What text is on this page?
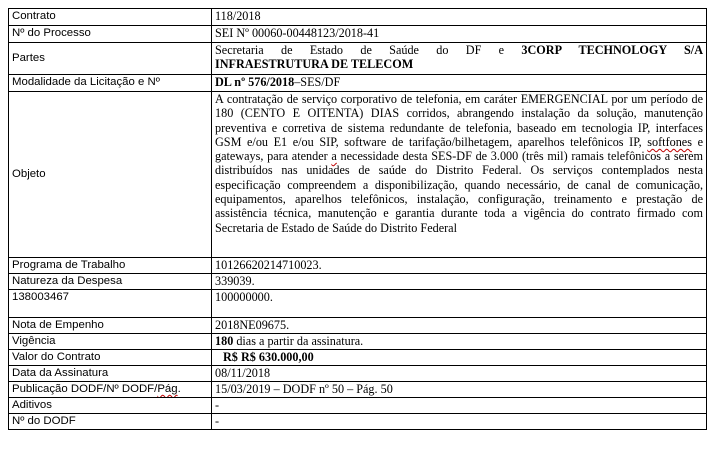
Contrato	118/2018
Nº do Processo	SEI Nº 00060-00448123/2018-41
Partes	Secretaria de Estado de Saúde do DF e 3CORP TECHNOLOGY S/A
INFRAESTRUTURA DE TELECOM
Modalidade da Licitação e Nº	DL nº 576/2018–SES/DF
Objeto	A contratação de serviço corporativo de telefonia, em caráter EMERGENCIAL por um período de 180 (CENTO E OITENTA) DIAS corridos, abrangendo instalação da solução, manutenção preventiva e corretiva de sistema redundante de telefonia, baseado em tecnologia IP, interfaces GSM e/ou E1 e/ou SIP, software de tarifação/bilhetagem, aparelhos telefônicos IP, softfones e gateways, para atender a necessidade desta SES-DF de 3.000 (três mil) ramais telefônicos a serem distribuídos nas unidades de saúde do Distrito Federal. Os serviços contemplados nesta especificação compreendem a disponibilização, quando necessário, de canal de comunicação, equipamentos, aparelhos telefônicos, instalação, configuração, treinamento e prestação de assistência técnica, manutenção e garantia durante toda a vigência do contrato firmado com Secretaria de Estado de Saúde do Distrito Federal
Programa de Trabalho	10126620214710023.
Natureza da Despesa	339039.
138003467	100000000.
Nota de Empenho	2018NE09675.
Vigência	180 dias a partir da assinatura.
Valor do Contrato	R$ R$ 630.000,00
Data da Assinatura	08/11/2018
Publicação DODF/Nº DODF/Pág.	15/03/2019 – DODF nº 50 – Pág. 50
Aditivos	-
Nº do DODF	-
